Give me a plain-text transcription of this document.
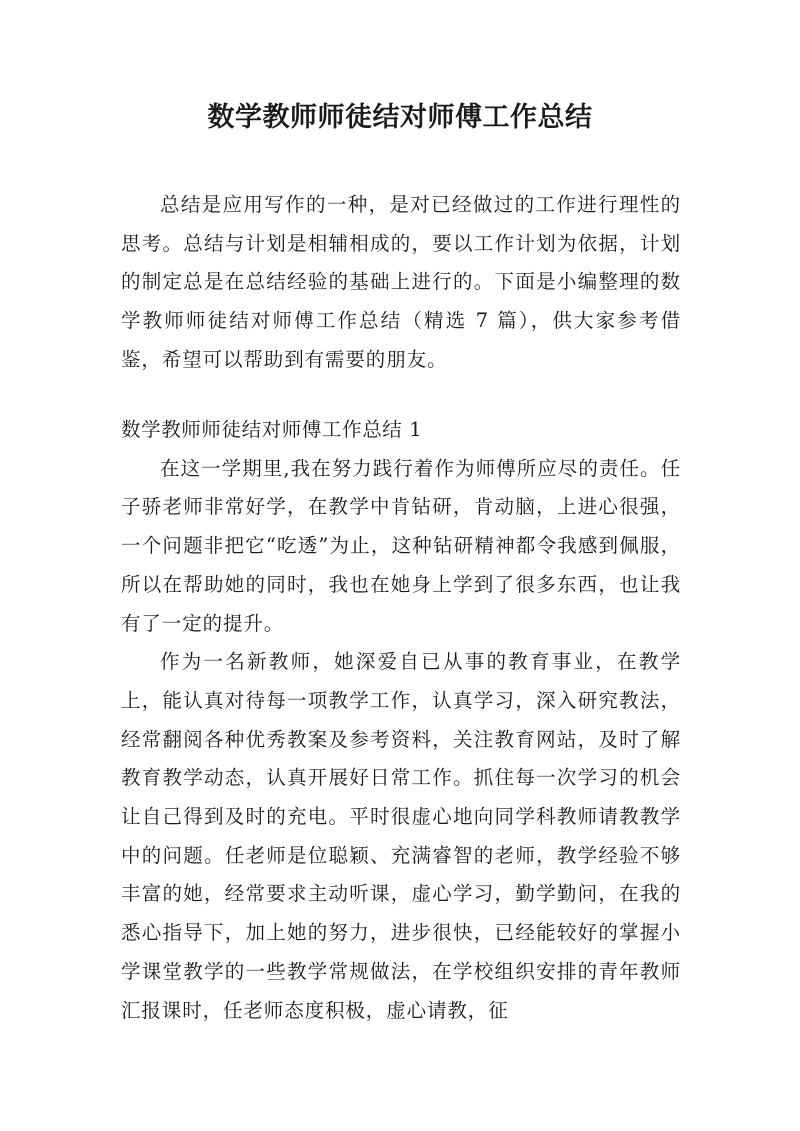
数学教师师徒结对师傅工作总结

总结是应用写作的一种，是对已经做过的工作进行理性的思考。总结与计划是相辅相成的，要以工作计划为依据，计划的制定总是在总结经验的基础上进行的。下面是小编整理的数学教师师徒结对师傅工作总结（精选 7 篇），供大家参考借鉴，希望可以帮助到有需要的朋友。

数学教师师徒结对师傅工作总结 1

在这一学期里,我在努力践行着作为师傅所应尽的责任。任子骄老师非常好学，在教学中肯钻研，肯动脑，上进心很强，一个问题非把它“吃透”为止，这种钻研精神都令我感到佩服，所以在帮助她的同时，我也在她身上学到了很多东西，也让我有了一定的提升。

作为一名新教师，她深爱自已从事的教育事业，在教学上，能认真对待每一项教学工作，认真学习，深入研究教法，经常翻阅各种优秀教案及参考资料，关注教育网站，及时了解教育教学动态，认真开展好日常工作。抓住每一次学习的机会让自己得到及时的充电。平时很虚心地向同学科教师请教教学中的问题。任老师是位聪颖、充满睿智的老师，教学经验不够丰富的她，经常要求主动听课，虚心学习，勤学勤问，在我的悉心指导下，加上她的努力，进步很快，已经能较好的掌握小学课堂教学的一些教学常规做法，在学校组织安排的青年教师汇报课时，任老师态度积极，虚心请教，征
